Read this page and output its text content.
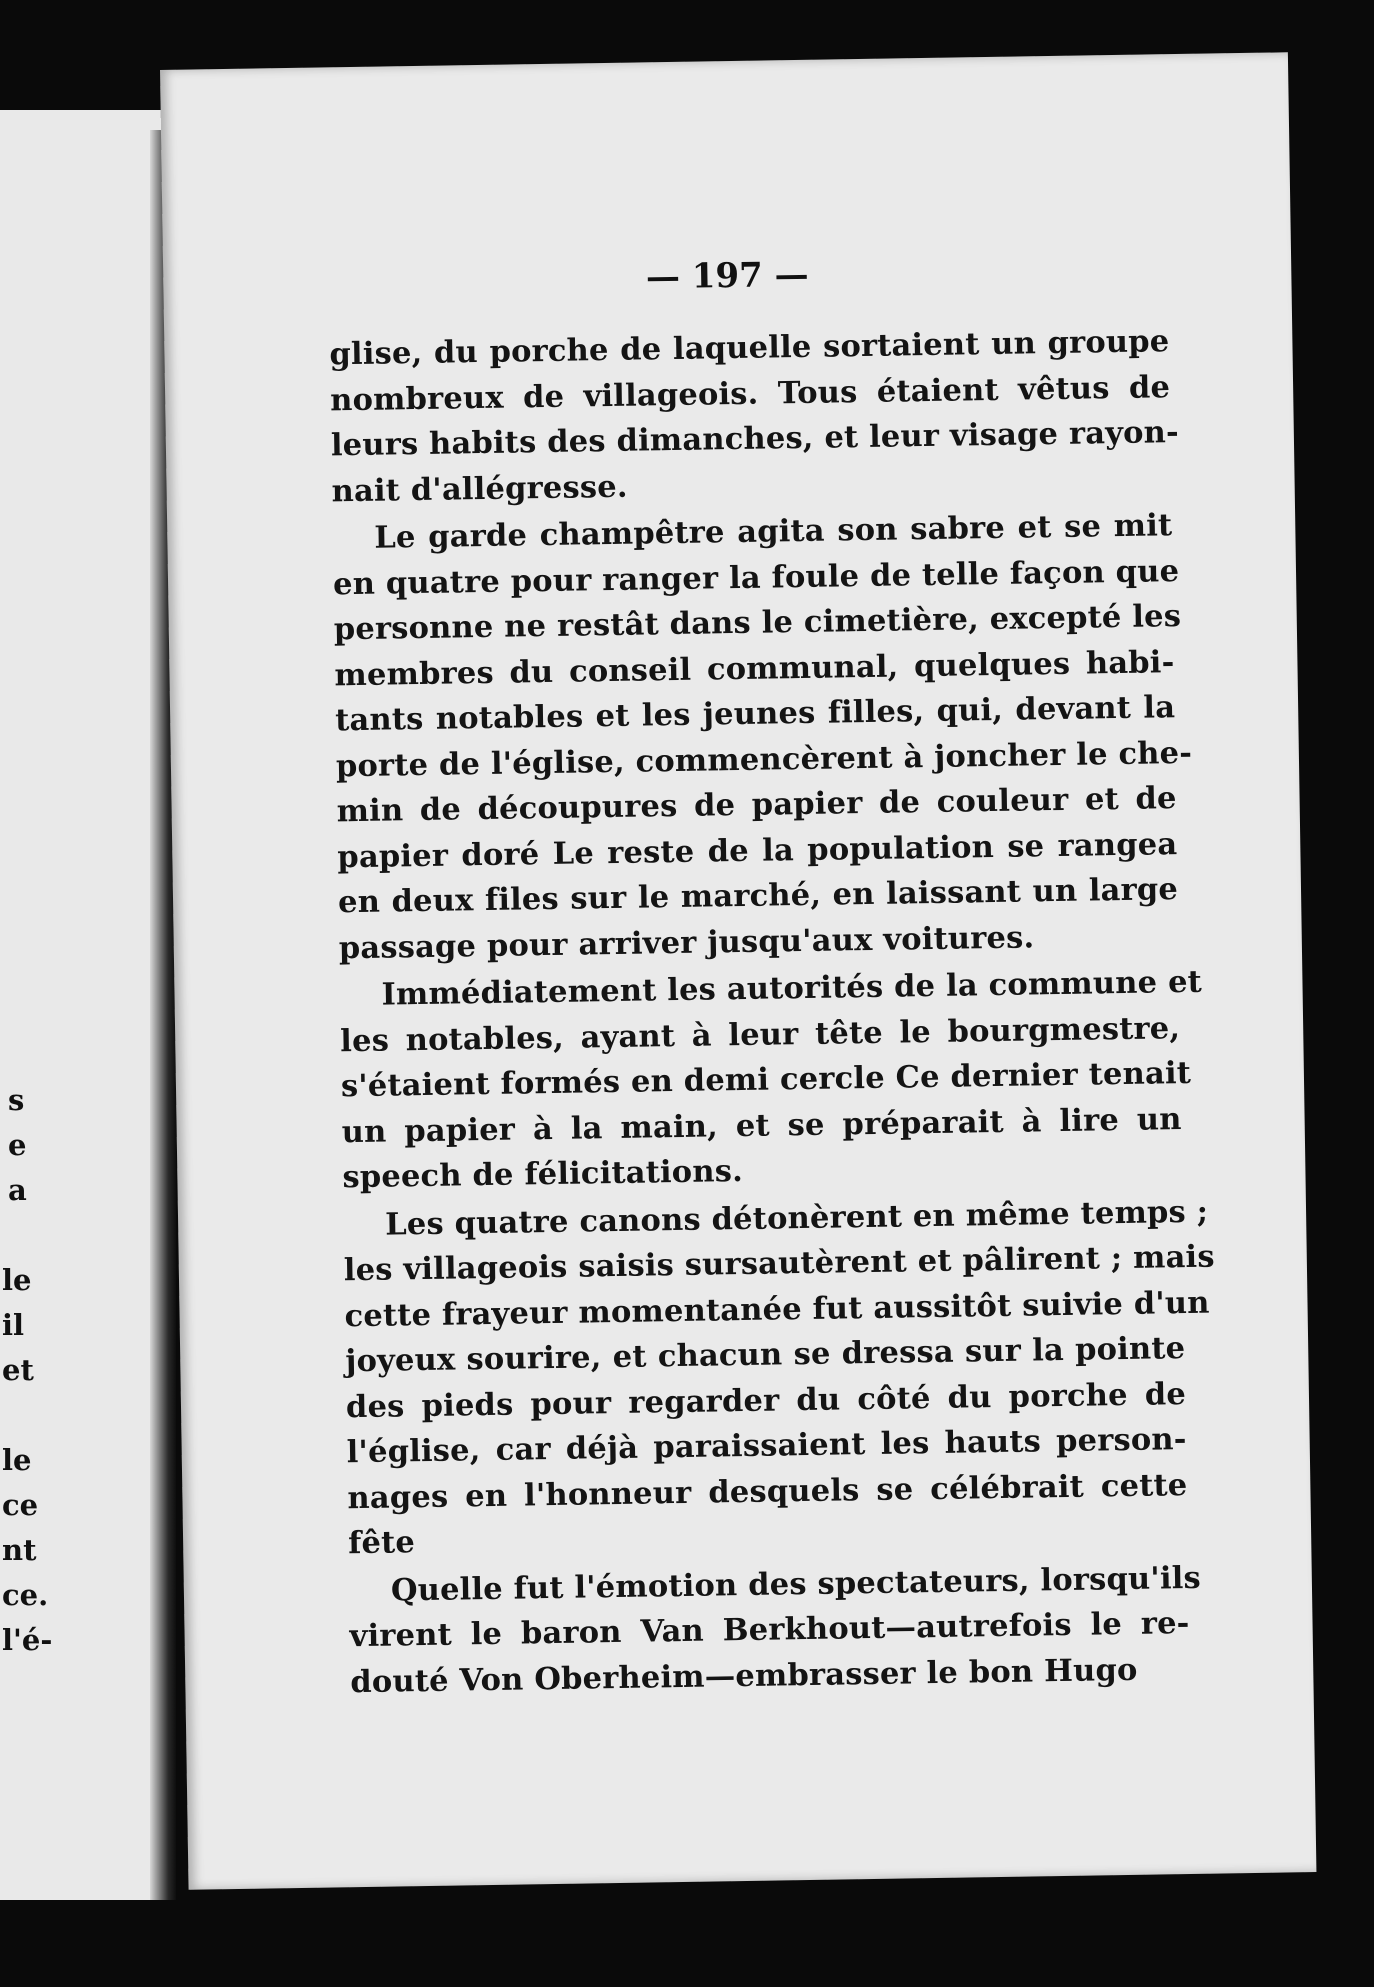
s
e
a
le
il
et
le
ce
nt
ce.
l'é-
— 197 —
glise, du porche de laquelle sortaient un groupe
nombreux de villageois. Tous étaient vêtus de
leurs habits des dimanches, et leur visage rayon-
nait d'allégresse.
Le garde champêtre agita son sabre et se mit
en quatre pour ranger la foule de telle façon que
personne ne restât dans le cimetière, excepté les
membres du conseil communal, quelques habi-
tants notables et les jeunes filles, qui, devant la
porte de l'église, commencèrent à joncher le che-
min de découpures de papier de couleur et de
papier doré Le reste de la population se rangea
en deux files sur le marché, en laissant un large
passage pour arriver jusqu'aux voitures.
Immédiatement les autorités de la commune et
les notables, ayant à leur tête le bourgmestre,
s'étaient formés en demi cercle Ce dernier tenait
un papier à la main, et se préparait à lire un
speech de félicitations.
Les quatre canons détonèrent en même temps ;
les villageois saisis sursautèrent et pâlirent ; mais
cette frayeur momentanée fut aussitôt suivie d'un
joyeux sourire, et chacun se dressa sur la pointe
des pieds pour regarder du côté du porche de
l'église, car déjà paraissaient les hauts person-
nages en l'honneur desquels se célébrait cette
fête
Quelle fut l'émotion des spectateurs, lorsqu'ils
virent le baron Van Berkhout—autrefois le re-
douté Von Oberheim—embrasser le bon Hugo
